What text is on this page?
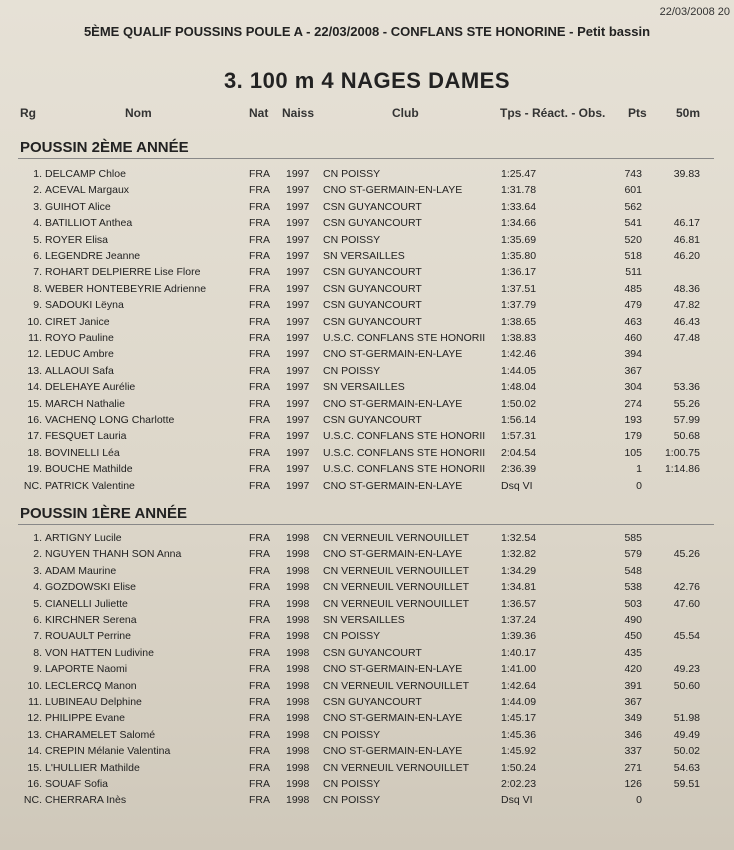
22/03/2008 20
5ÈME QUALIF POUSSINS POULE A - 22/03/2008 - CONFLANS STE HONORINE - Petit bassin
3. 100 m 4 NAGES DAMES
Rg	Nom	Nat Naiss	Club	Tps - Réact. - Obs. Pts 50m
POUSSIN 2ÈME ANNÉE
1. DELCAMP Chloe	FRA 1997 CN POISSY	1:25.47	743	39.83
2. ACEVAL Margaux	FRA 1997 CNO ST-GERMAIN-EN-LAYE	1:31.78	601
3. GUIHOT Alice	FRA 1997 CSN GUYANCOURT	1:33.64	562
4. BATILLIOT Anthea	FRA 1997 CSN GUYANCOURT	1:34.66	541	46.17
5. ROYER Elisa	FRA 1997 CN POISSY	1:35.69	520	46.81
6. LEGENDRE Jeanne	FRA 1997 SN VERSAILLES	1:35.80	518	46.20
7. ROHART DELPIERRE Lise Flore	FRA 1997 CSN GUYANCOURT	1:36.17	511
8. WEBER HONTEBEYRIE Adrienne	FRA 1997 CSN GUYANCOURT	1:37.51	485	48.36
9. SADOUKI Lëyna	FRA 1997 CSN GUYANCOURT	1:37.79	479	47.82
10. CIRET Janice	FRA 1997 CSN GUYANCOURT	1:38.65	463	46.43
11. ROYO Pauline	FRA 1997 U.S.C. CONFLANS STE HONORII	1:38.83	460	47.48
12. LEDUC Ambre	FRA 1997 CNO ST-GERMAIN-EN-LAYE	1:42.46	394
13. ALLAOUI Safa	FRA 1997 CN POISSY	1:44.05	367
14. DELEHAYE Aurélie	FRA 1997 SN VERSAILLES	1:48.04	304	53.36
15. MARCH Nathalie	FRA 1997 CNO ST-GERMAIN-EN-LAYE	1:50.02	274	55.26
16. VACHENQ LONG Charlotte	FRA 1997 CSN GUYANCOURT	1:56.14	193	57.99
17. FESQUET Lauria	FRA 1997 U.S.C. CONFLANS STE HONORII	1:57.31	179	50.68
18. BOVINELLI Léa	FRA 1997 U.S.C. CONFLANS STE HONORII	2:04.54	105	1:00.75
19. BOUCHE Mathilde	FRA 1997 U.S.C. CONFLANS STE HONORII	2:36.39	1	1:14.86
NC. PATRICK Valentine	FRA 1997 CNO ST-GERMAIN-EN-LAYE	Dsq VI	0
POUSSIN 1ÈRE ANNÉE
1. ARTIGNY Lucile	FRA 1998 CN VERNEUIL VERNOUILLET	1:32.54	585
2. NGUYEN THANH SON Anna	FRA 1998 CNO ST-GERMAIN-EN-LAYE	1:32.82	579	45.26
3. ADAM Maurine	FRA 1998 CN VERNEUIL VERNOUILLET	1:34.29	548
4. GOZDOWSKI Elise	FRA 1998 CN VERNEUIL VERNOUILLET	1:34.81	538	42.76
5. CIANELLI Juliette	FRA 1998 CN VERNEUIL VERNOUILLET	1:36.57	503	47.60
6. KIRCHNER Serena	FRA 1998 SN VERSAILLES	1:37.24	490
7. ROUAULT Perrine	FRA 1998 CN POISSY	1:39.36	450	45.54
8. VON HATTEN Ludivine	FRA 1998 CSN GUYANCOURT	1:40.17	435
9. LAPORTE Naomi	FRA 1998 CNO ST-GERMAIN-EN-LAYE	1:41.00	420	49.23
10. LECLERCQ Manon	FRA 1998 CN VERNEUIL VERNOUILLET	1:42.64	391	50.60
11. LUBINEAU Delphine	FRA 1998 CSN GUYANCOURT	1:44.09	367
12. PHILIPPE Evane	FRA 1998 CNO ST-GERMAIN-EN-LAYE	1:45.17	349	51.98
13. CHARAMELET Salomé	FRA 1998 CN POISSY	1:45.36	346	49.49
14. CREPIN Mélanie Valentina	FRA 1998 CNO ST-GERMAIN-EN-LAYE	1:45.92	337	50.02
15. L'HULLIER Mathilde	FRA 1998 CN VERNEUIL VERNOUILLET	1:50.24	271	54.63
16. SOUAF Sofia	FRA 1998 CN POISSY	2:02.23	126	59.51
NC. CHERRARA Inès	FRA 1998 CN POISSY	Dsq VI	0
